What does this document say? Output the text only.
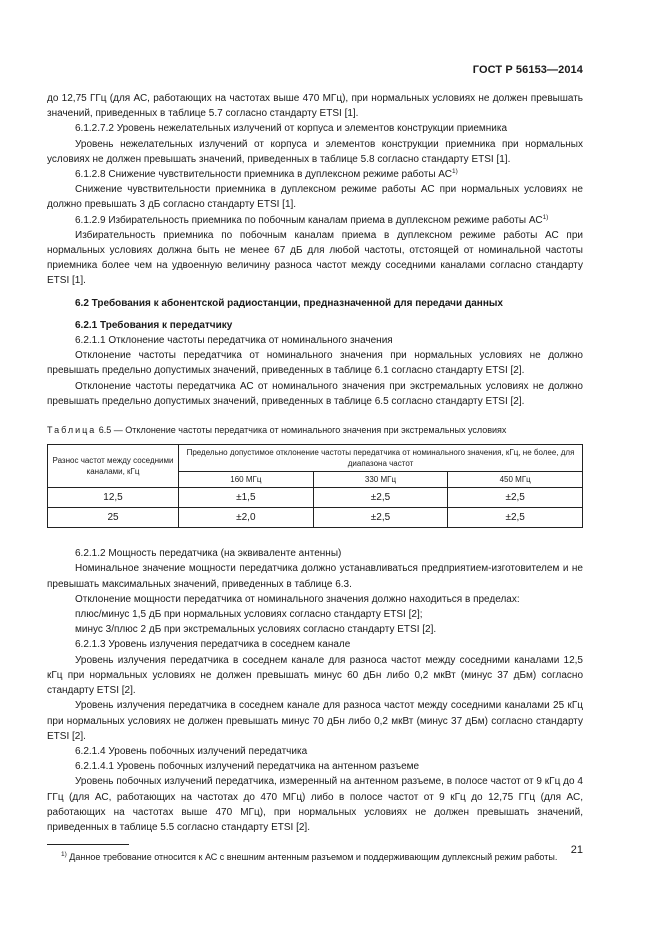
ГОСТ Р 56153—2014

до 12,75 ГГц (для АС, работающих на частотах выше 470 МГц), при нормальных условиях не должен превышать значений, приведенных в таблице 5.7 согласно стандарту ETSI [1].

6.1.2.7.2 Уровень нежелательных излучений от корпуса и элементов конструкции приемника

Уровень нежелательных излучений от корпуса и элементов конструкции приемника при нормальных условиях не должен превышать значений, приведенных в таблице 5.8 согласно стандарту ETSI [1].

6.1.2.8 Снижение чувствительности приемника в дуплексном режиме работы АС$^{1)}$

Снижение чувствительности приемника в дуплексном режиме работы АС при нормальных условиях не должно превышать 3 дБ согласно стандарту ETSI [1].

6.1.2.9 Избирательность приемника по побочным каналам приема в дуплексном режиме работы АС$^{1)}$

Избирательность приемника по побочным каналам приема в дуплексном режиме работы АС при нормальных условиях должна быть не менее 67 дБ для любой частоты, отстоящей от номинальной частоты приемника более чем на удвоенную величину разноса частот между соседними каналами согласно стандарту ETSI [1].

6.2 Требования к абонентской радиостанции, предназначенной для передачи данных

6.2.1 Требования к передатчику

6.2.1.1 Отклонение частоты передатчика от номинального значения

Отклонение частоты передатчика от номинального значения при нормальных условиях не должно превышать предельно допустимых значений, приведенных в таблице 6.1 согласно стандарту ETSI [2].

Отклонение частоты передатчика АС от номинального значения при экстремальных условиях не должно превышать предельно допустимых значений, приведенных в таблице 6.5 согласно стандарту ETSI [2].

Таблица 6.5 — Отклонение частоты передатчика от номинального значения при экстремальных условиях
Разнос частот между соседними каналами, кГц	Предельно допустимое отклонение частоты передатчика от номинального значения, кГц, не более, для диапазона частот		
	160 МГц	330 МГц	450 МГц
12,5	±1,5	±2,5	±2,5
25	±2,0	±2,5	±2,5

6.2.1.2 Мощность передатчика (на эквиваленте антенны)

Номинальное значение мощности передатчика должно устанавливаться предприятием-изготовителем и не превышать максимальных значений, приведенных в таблице 6.3.

Отклонение мощности передатчика от номинального значения должно находиться в пределах:

плюс/минус 1,5 дБ при нормальных условиях согласно стандарту ETSI [2];

минус 3/плюс 2 дБ при экстремальных условиях согласно стандарту ETSI [2].

6.2.1.3 Уровень излучения передатчика в соседнем канале

Уровень излучения передатчика в соседнем канале для разноса частот между соседними каналами 12,5 кГц при нормальных условиях не должен превышать минус 60 дБн либо 0,2 мкВт (минус 37 дБм) согласно стандарту ETSI [2].

Уровень излучения передатчика в соседнем канале для разноса частот между соседними каналами 25 кГц при нормальных условиях не должен превышать минус 70 дБн либо 0,2 мкВт (минус 37 дБм) согласно стандарту ETSI [2].

6.2.1.4 Уровень побочных излучений передатчика

6.2.1.4.1 Уровень побочных излучений передатчика на антенном разъеме

Уровень побочных излучений передатчика, измеренный на антенном разъеме, в полосе частот от 9 кГц до 4 ГГц (для АС, работающих на частотах до 470 МГц) либо в полосе частот от 9 кГц до 12,75 ГГц (для АС, работающих на частотах выше 470 МГц), при нормальных условиях не должен превышать значений, приведенных в таблице 5.5 согласно стандарту ETSI [2].

$^{1)}$ Данное требование относится к АС с внешним антенным разъемом и поддерживающим дуплексный режим работы.

21
